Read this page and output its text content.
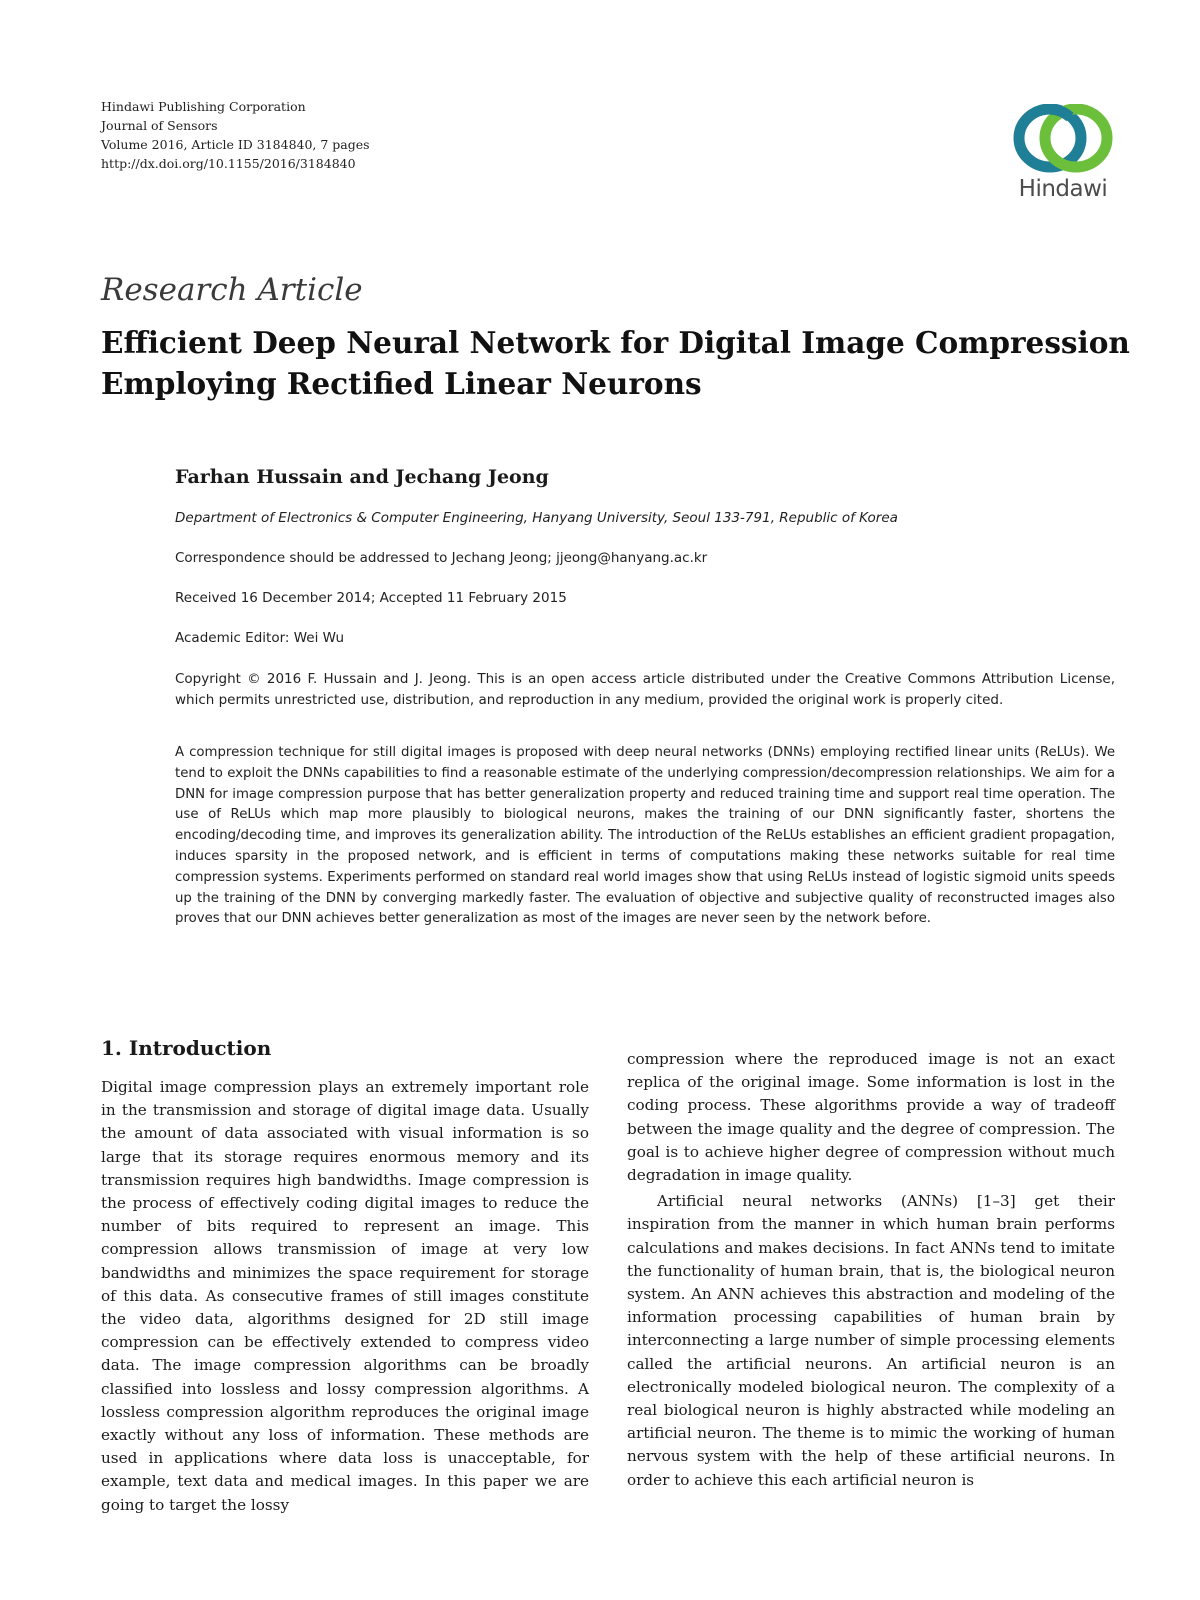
Hindawi Publishing Corporation
Journal of Sensors
Volume 2016, Article ID 3184840, 7 pages
http://dx.doi.org/10.1155/2016/3184840
Hindawi
Research Article
Efficient Deep Neural Network for Digital Image Compression
Employing Rectified Linear Neurons
Farhan Hussain and Jechang Jeong
Department of Electronics & Computer Engineering, Hanyang University, Seoul 133-791, Republic of Korea
Correspondence should be addressed to Jechang Jeong; jjeong@hanyang.ac.kr
Received 16 December 2014; Accepted 11 February 2015
Academic Editor: Wei Wu
Copyright © 2016 F. Hussain and J. Jeong. This is an open access article distributed under the Creative Commons Attribution License, which permits unrestricted use, distribution, and reproduction in any medium, provided the original work is properly cited.
A compression technique for still digital images is proposed with deep neural networks (DNNs) employing rectified linear units (ReLUs). We tend to exploit the DNNs capabilities to find a reasonable estimate of the underlying compression/decompression relationships. We aim for a DNN for image compression purpose that has better generalization property and reduced training time and support real time operation. The use of ReLUs which map more plausibly to biological neurons, makes the training of our DNN significantly faster, shortens the encoding/decoding time, and improves its generalization ability. The introduction of the ReLUs establishes an efficient gradient propagation, induces sparsity in the proposed network, and is efficient in terms of computations making these networks suitable for real time compression systems. Experiments performed on standard real world images show that using ReLUs instead of logistic sigmoid units speeds up the training of the DNN by converging markedly faster. The evaluation of objective and subjective quality of reconstructed images also proves that our DNN achieves better generalization as most of the images are never seen by the network before.
1. Introduction

Digital image compression plays an extremely important role in the transmission and storage of digital image data. Usually the amount of data associated with visual information is so large that its storage requires enormous memory and its transmission requires high bandwidths. Image compression is the process of effectively coding digital images to reduce the number of bits required to represent an image. This compression allows transmission of image at very low bandwidths and minimizes the space requirement for storage of this data. As consecutive frames of still images constitute the video data, algorithms designed for 2D still image compression can be effectively extended to compress video data. The image compression algorithms can be broadly classified into lossless and lossy compression algorithms. A lossless compression algorithm reproduces the original image exactly without any loss of information. These methods are used in applications where data loss is unacceptable, for example, text data and medical images. In this paper we are going to target the lossy

compression where the reproduced image is not an exact replica of the original image. Some information is lost in the coding process. These algorithms provide a way of tradeoff between the image quality and the degree of compression. The goal is to achieve higher degree of compression without much degradation in image quality.

Artificial neural networks (ANNs) [1–3] get their inspiration from the manner in which human brain performs calculations and makes decisions. In fact ANNs tend to imitate the functionality of human brain, that is, the biological neuron system. An ANN achieves this abstraction and modeling of the information processing capabilities of human brain by interconnecting a large number of simple processing elements called the artificial neurons. An artificial neuron is an electronically modeled biological neuron. The complexity of a real biological neuron is highly abstracted while modeling an artificial neuron. The theme is to mimic the working of human nervous system with the help of these artificial neurons. In order to achieve this each artificial neuron is
